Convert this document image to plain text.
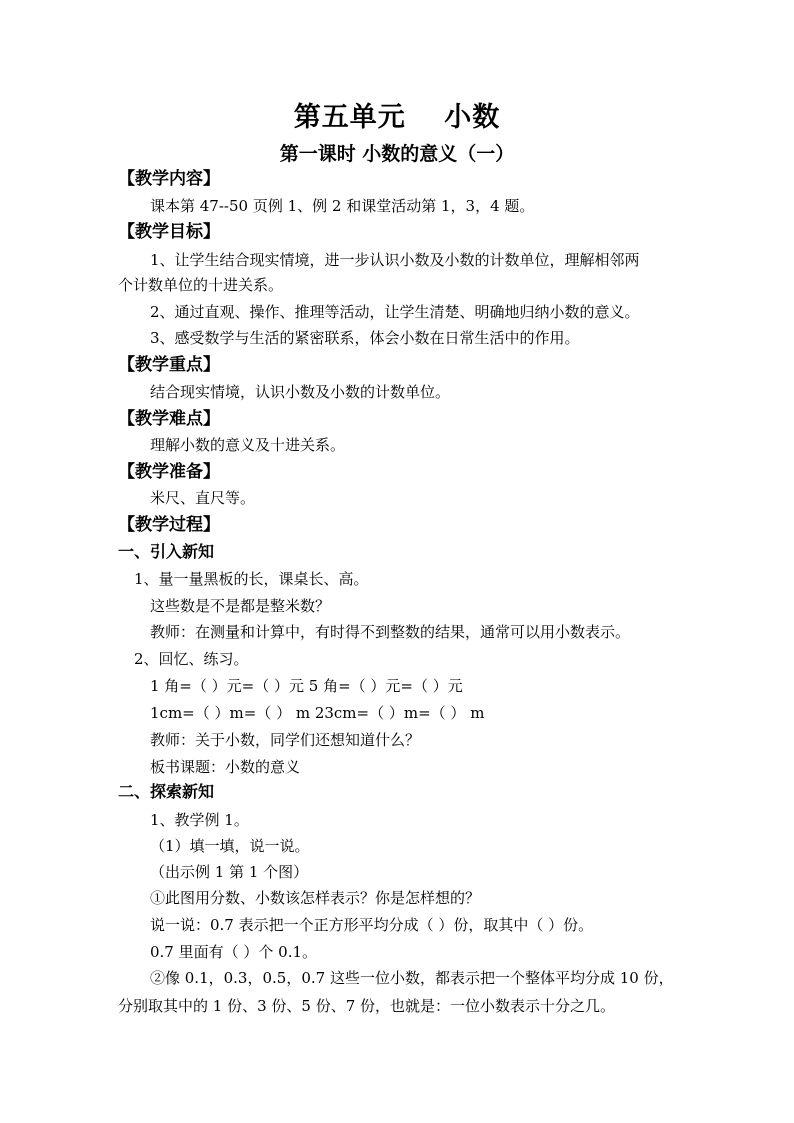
第五单元　 小数
第一课时 小数的意义（一）
【教学内容】
课本第 47--50 页例 1、例 2 和课堂活动第 1，3，4 题。
【教学目标】
1、让学生结合现实情境，进一步认识小数及小数的计数单位，理解相邻两
个计数单位的十进关系。
2、通过直观、操作、推理等活动，让学生清楚、明确地归纳小数的意义。
3、感受数学与生活的紧密联系，体会小数在日常生活中的作用。
【教学重点】
结合现实情境，认识小数及小数的计数单位。
【教学难点】
理解小数的意义及十进关系。
【教学准备】
米尺、直尺等。
【教学过程】
一、引入新知
1、量一量黑板的长，课桌长、高。
这些数是不是都是整米数？
教师：在测量和计算中，有时得不到整数的结果，通常可以用小数表示。
2、回忆、练习。
1 角=（ ）元=（ ）元 5 角=（ ）元=（ ）元
1cm=（ ）m=（ ） m 23cm=（ ）m=（ ） m
教师：关于小数，同学们还想知道什么？
板书课题：小数的意义
二、探索新知
1、教学例 1。
（1）填一填，说一说。
（出示例 1 第 1 个图）
①此图用分数、小数该怎样表示？你是怎样想的？
说一说：0.7 表示把一个正方形平均分成（ ）份，取其中（ ）份。
0.7 里面有（ ）个 0.1。
②像 0.1，0.3，0.5，0.7 这些一位小数，都表示把一个整体平均分成 10 份，
分别取其中的 1 份、3 份、5 份、7 份，也就是：一位小数表示十分之几。
